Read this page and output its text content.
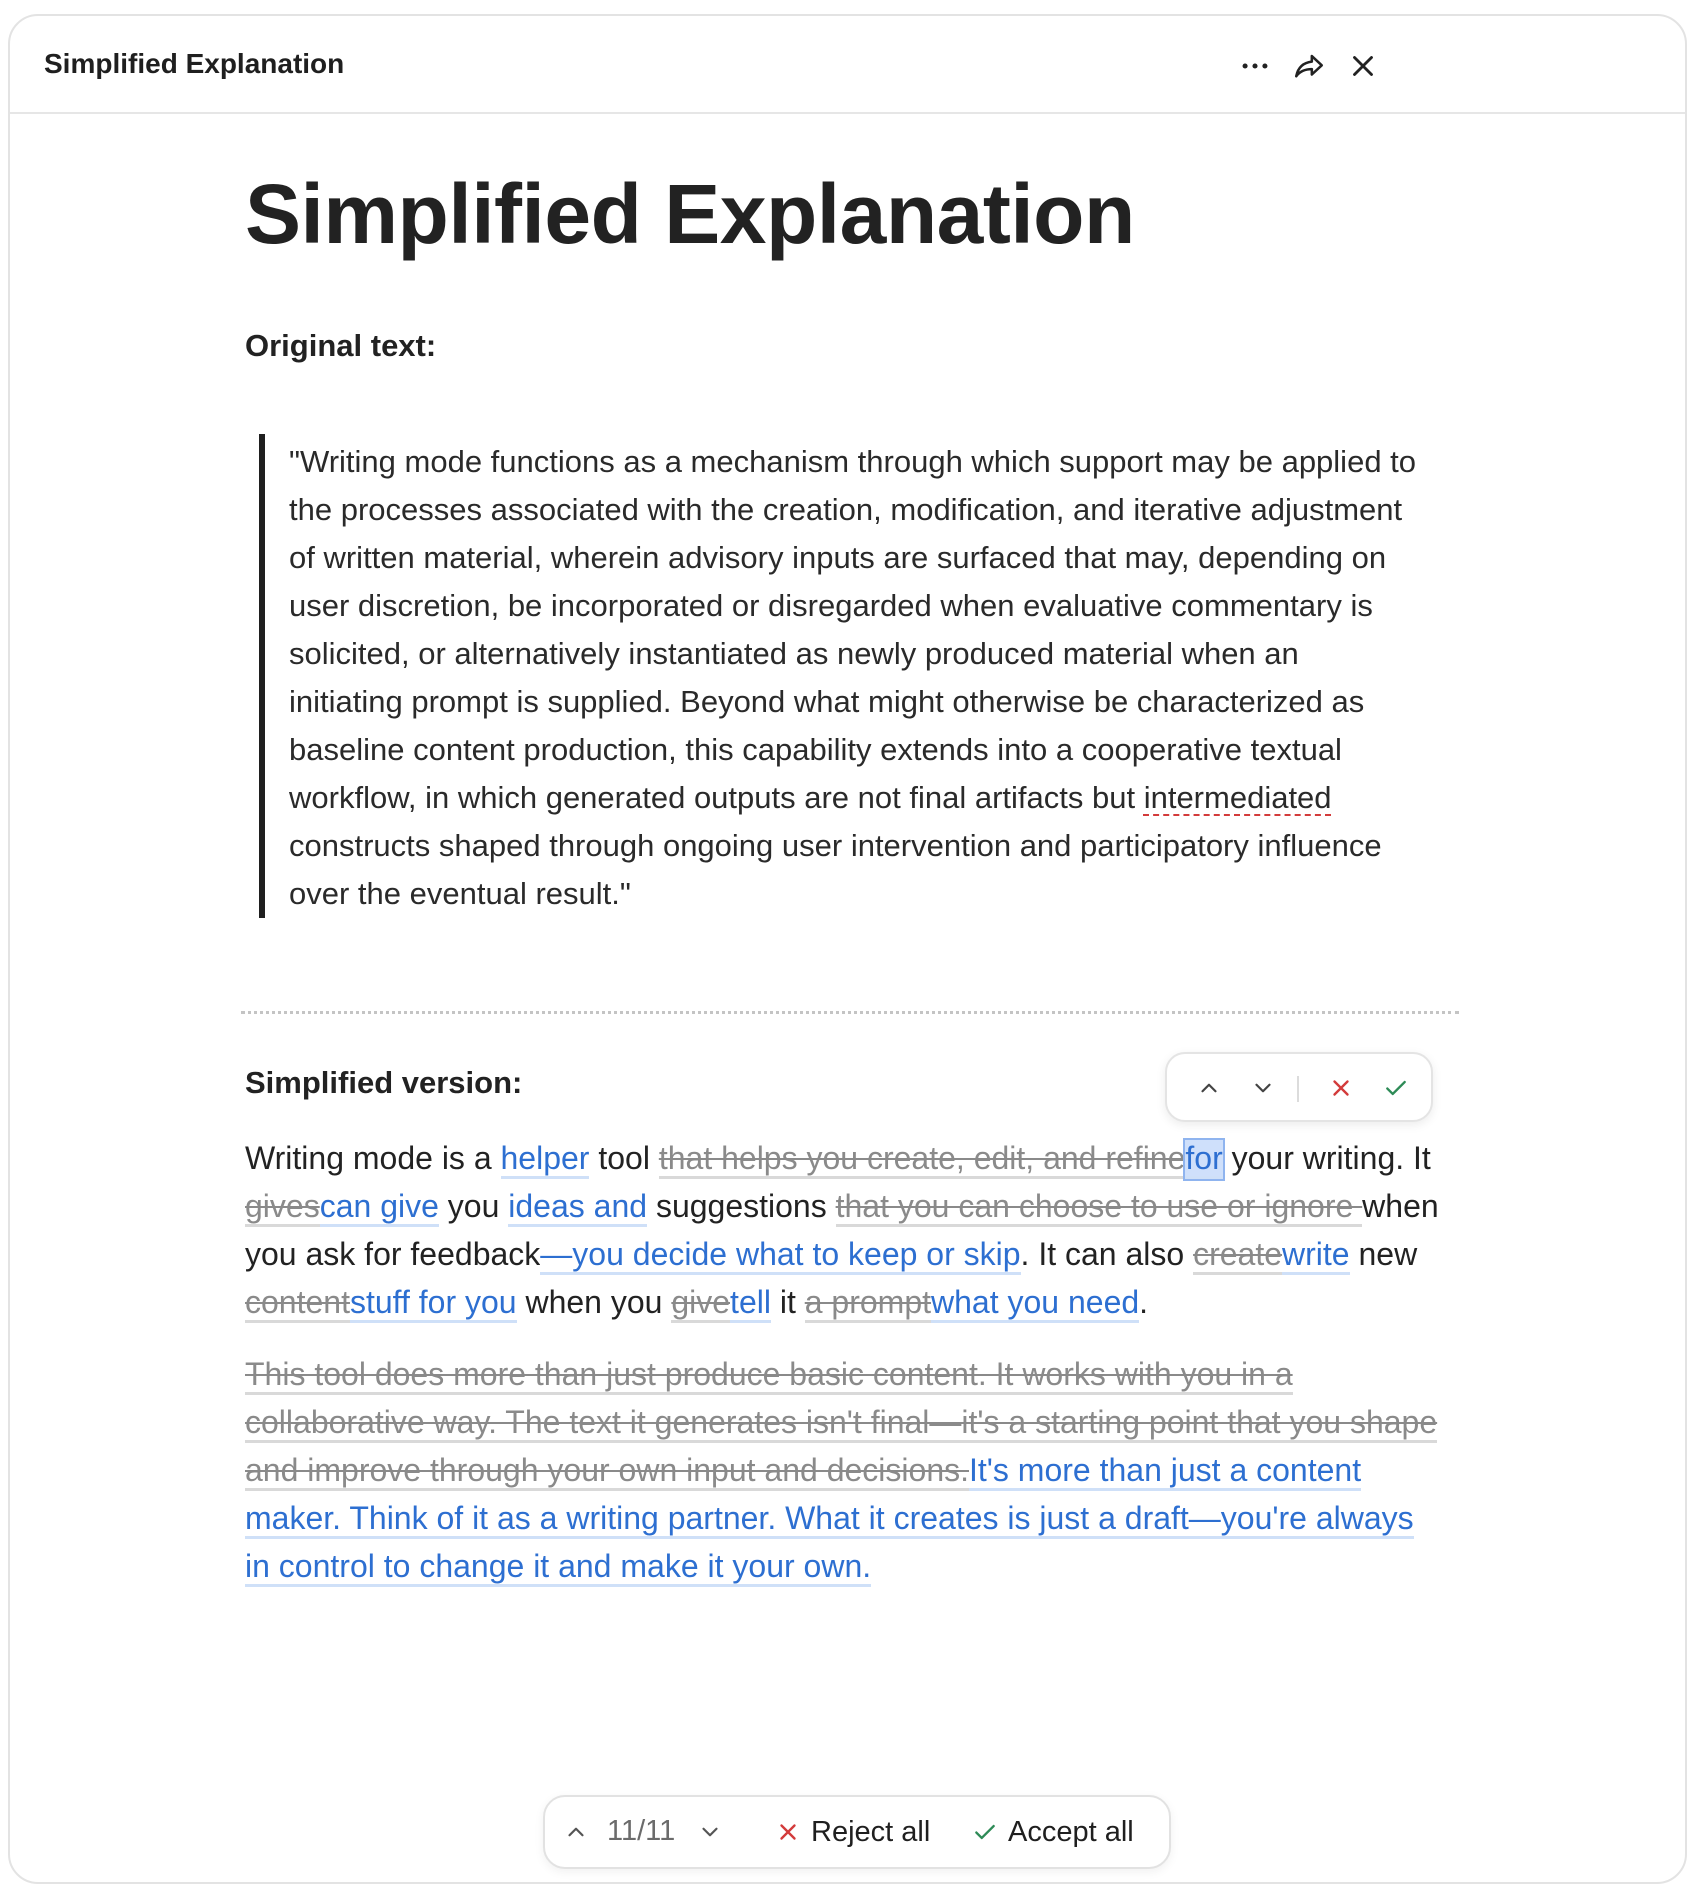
Simplified Explanation
Simplified Explanation
Original text:
"Writing mode functions as a mechanism through which support may be applied to the processes associated with the creation, modification, and iterative adjustment of written material, wherein advisory inputs are surfaced that may, depending on user discretion, be incorporated or disregarded when evaluative commentary is solicited, or alternatively instantiated as newly produced material when an initiating prompt is supplied. Beyond what might otherwise be characterized as baseline content production, this capability extends into a cooperative textual workflow, in which generated outputs are not final artifacts but intermediated constructs shaped through ongoing user intervention and participatory influence over the eventual result."
Simplified version:

Writing mode is a helper tool that helps you create, edit, and refinefor your writing. It givescan give you ideas and suggestions that you can choose to use or ignore when you ask for feedback—you decide what to keep or skip. It can also createwrite new contentstuff for you when you givetell it a promptwhat you need.

This tool does more than just produce basic content. It works with you in a collaborative way. The text it generates isn't final—it's a starting point that you shape and improve through your own input and decisions.It's more than just a content maker. Think of it as a writing partner. What it creates is just a draft—you're always in control to change it and make it your own.

11/11	Reject all	Accept all
